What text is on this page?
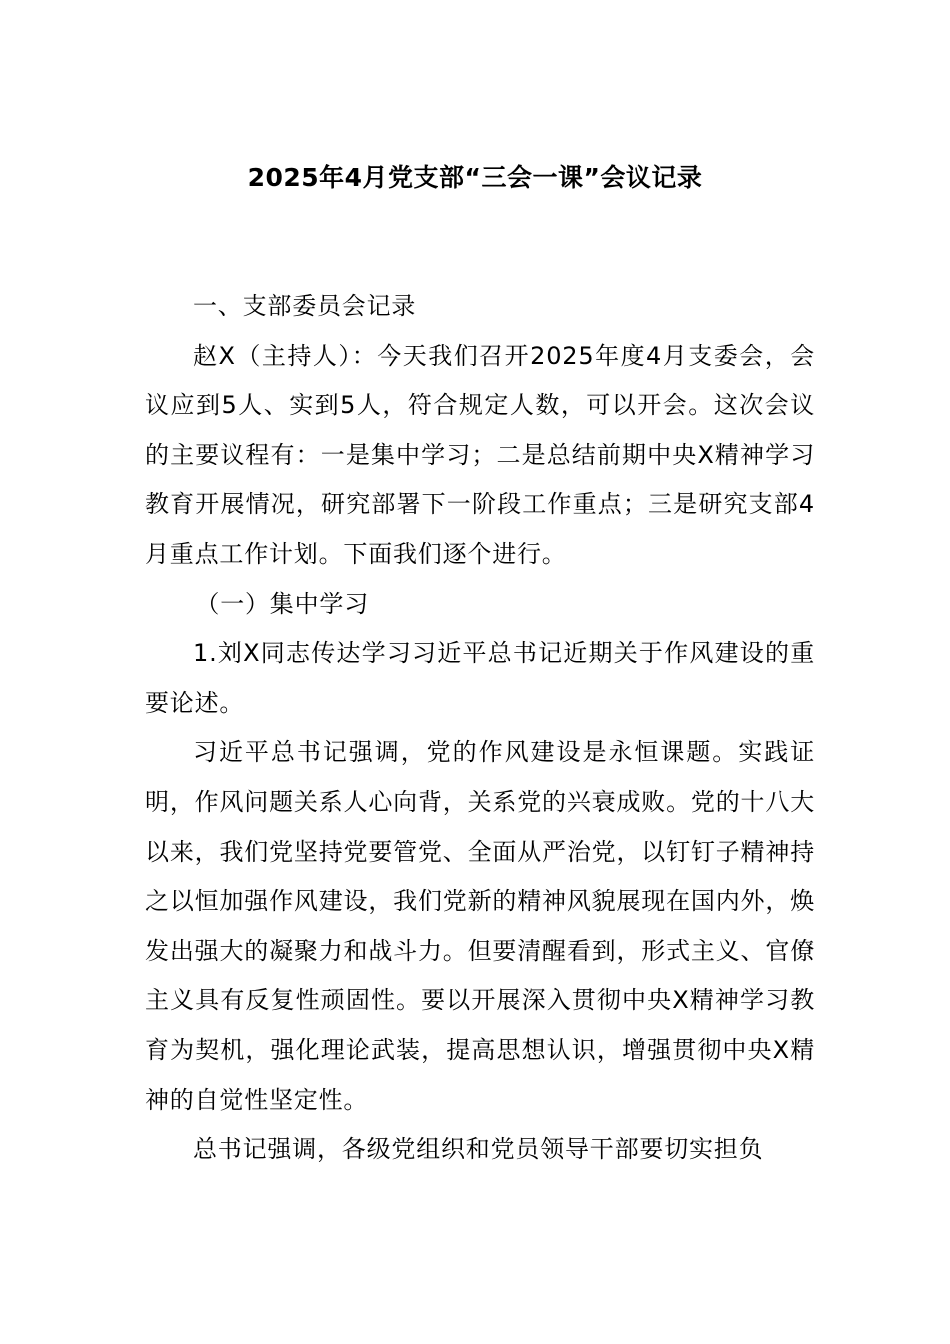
2025年4月党支部“三会一课”会议记录

一、支部委员会记录

赵X（主持人）：今天我们召开2025年度4月支委会，会议应到5人、实到5人，符合规定人数，可以开会。这次会议的主要议程有：一是集中学习；二是总结前期中央X精神学习教育开展情况，研究部署下一阶段工作重点；三是研究支部4月重点工作计划。下面我们逐个进行。

（一）集中学习

1.刘X同志传达学习习近平总书记近期关于作风建设的重要论述。

习近平总书记强调，党的作风建设是永恒课题。实践证明，作风问题关系人心向背，关系党的兴衰成败。党的十八大以来，我们党坚持党要管党、全面从严治党，以钉钉子精神持之以恒加强作风建设，我们党新的精神风貌展现在国内外，焕发出强大的凝聚力和战斗力。但要清醒看到，形式主义、官僚主义具有反复性顽固性。要以开展深入贯彻中央X精神学习教育为契机，强化理论武装，提高思想认识，增强贯彻中央X精神的自觉性坚定性。

总书记强调，各级党组织和党员领导干部要切实担负
